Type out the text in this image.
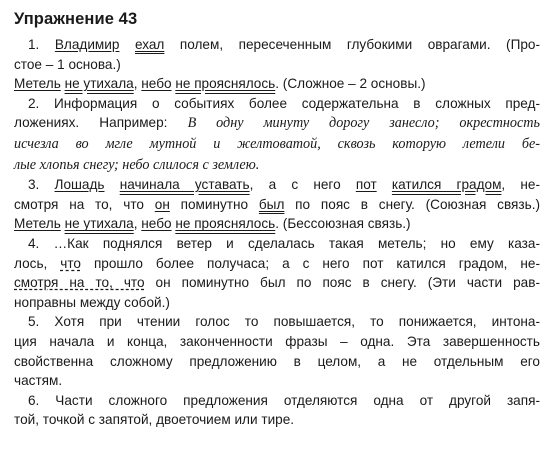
Упражнение 43
1. Владимир ехал полем, пересеченным глубокими оврагами. (Про-
стое – 1 основа.)
Метель не утихала, небо не прояснялось. (Сложное – 2 основы.)
2. Информация о событиях более содержательна в сложных пред-
ложениях. Например: В одну минуту дорогу занесло; окрестность
исчезла во мгле мутной и желтоватой, сквозь которую летели бе-
лые хлопья снегу; небо слилося с землею.
3. Лошадь начинала уставать, а с него пот катился градом, не-
смотря на то, что он поминутно был по пояс в снегу. (Союзная связь.)
Метель не утихала, небо не прояснялось. (Бессоюзная связь.)
4. …Как поднялся ветер и сделалась такая метель; но ему каза-
лось, что прошло более получаса; а с него пот катился градом, не-
смотря на то, что он поминутно был по пояс в снегу. (Эти части рав-
ноправны между собой.)
5. Хотя при чтении голос то повышается, то понижается, интона-
ция начала и конца, законченности фразы – одна. Эта завершенность
свойственна сложному предложению в целом, а не отдельным его
частям.
6. Части сложного предложения отделяются одна от другой запя-
той, точкой с запятой, двоеточием или тире.
